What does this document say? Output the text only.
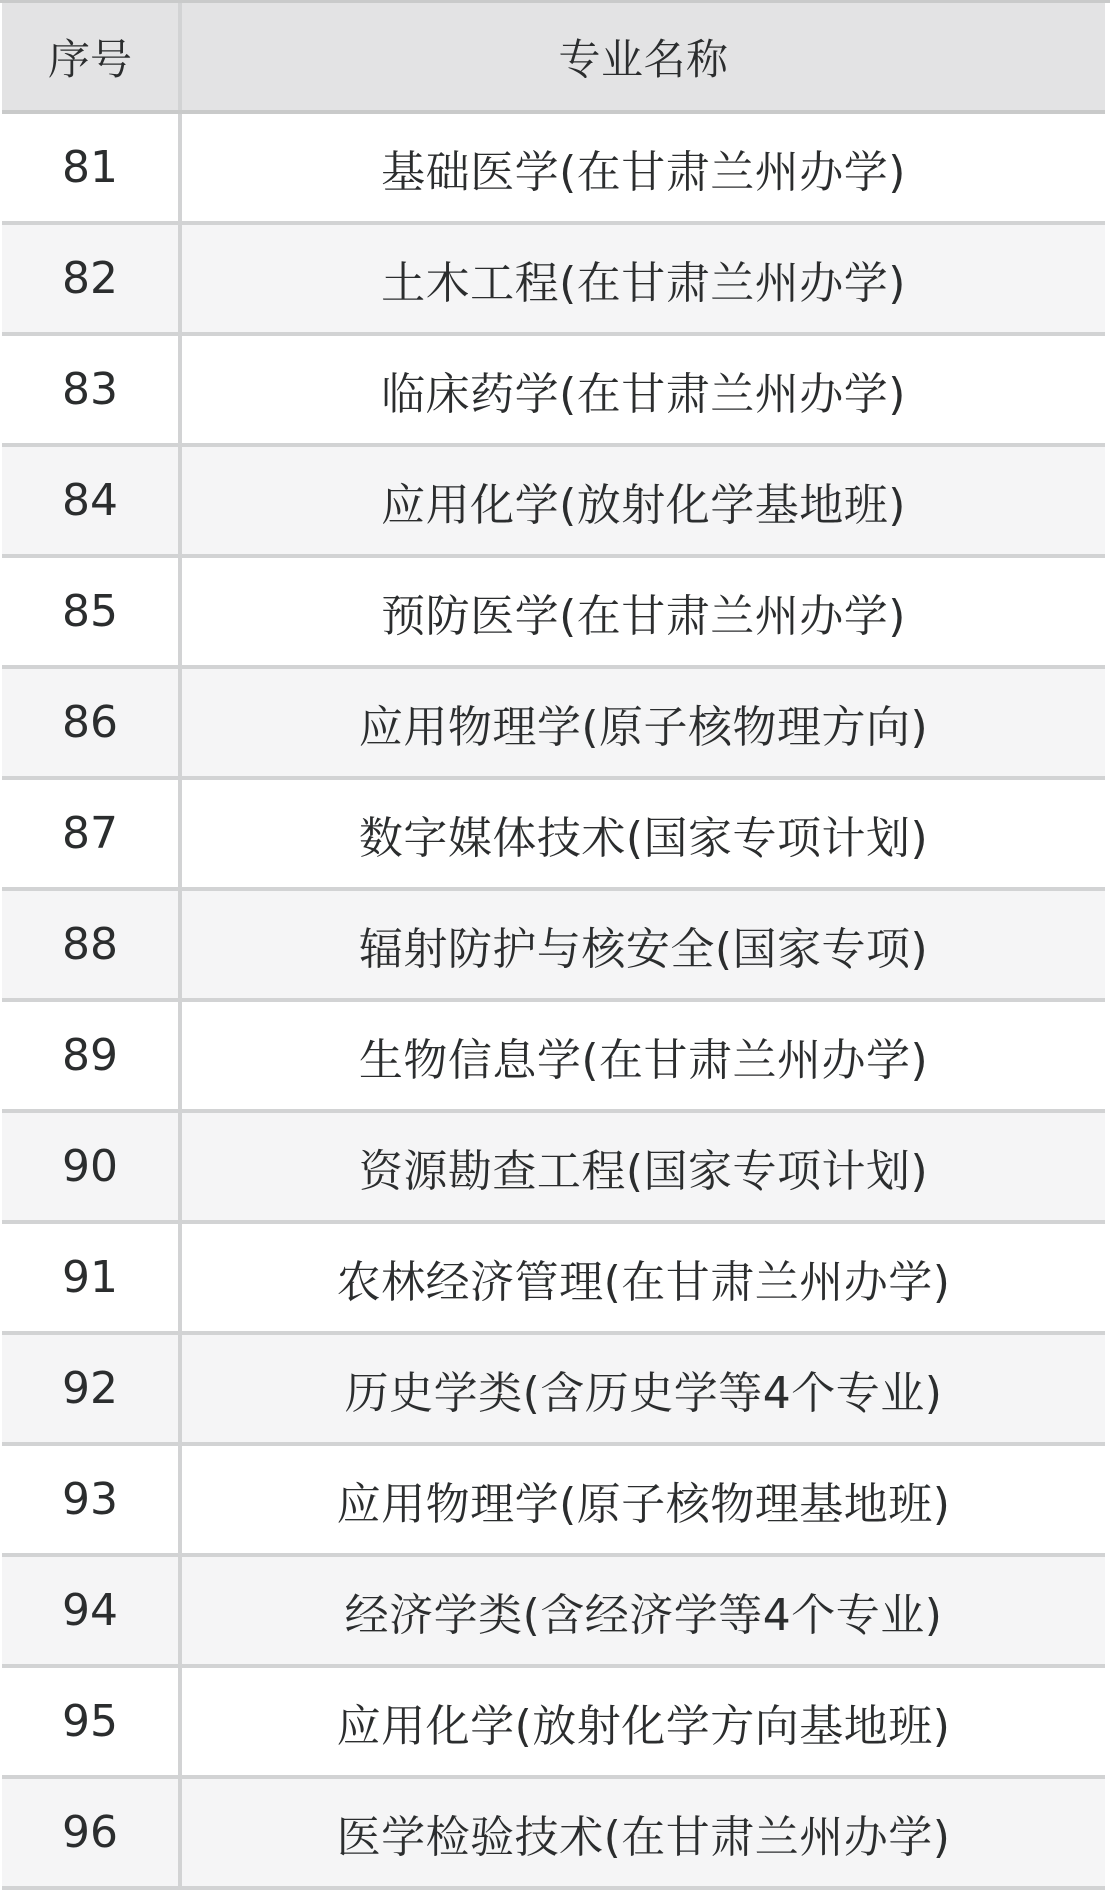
序号	专业名称
81	基础医学(在甘肃兰州办学)
82	土木工程(在甘肃兰州办学)
83	临床药学(在甘肃兰州办学)
84	应用化学(放射化学基地班)
85	预防医学(在甘肃兰州办学)
86	应用物理学(原子核物理方向)
87	数字媒体技术(国家专项计划)
88	辐射防护与核安全(国家专项)
89	生物信息学(在甘肃兰州办学)
90	资源勘查工程(国家专项计划)
91	农林经济管理(在甘肃兰州办学)
92	历史学类(含历史学等4个专业)
93	应用物理学(原子核物理基地班)
94	经济学类(含经济学等4个专业)
95	应用化学(放射化学方向基地班)
96	医学检验技术(在甘肃兰州办学)
